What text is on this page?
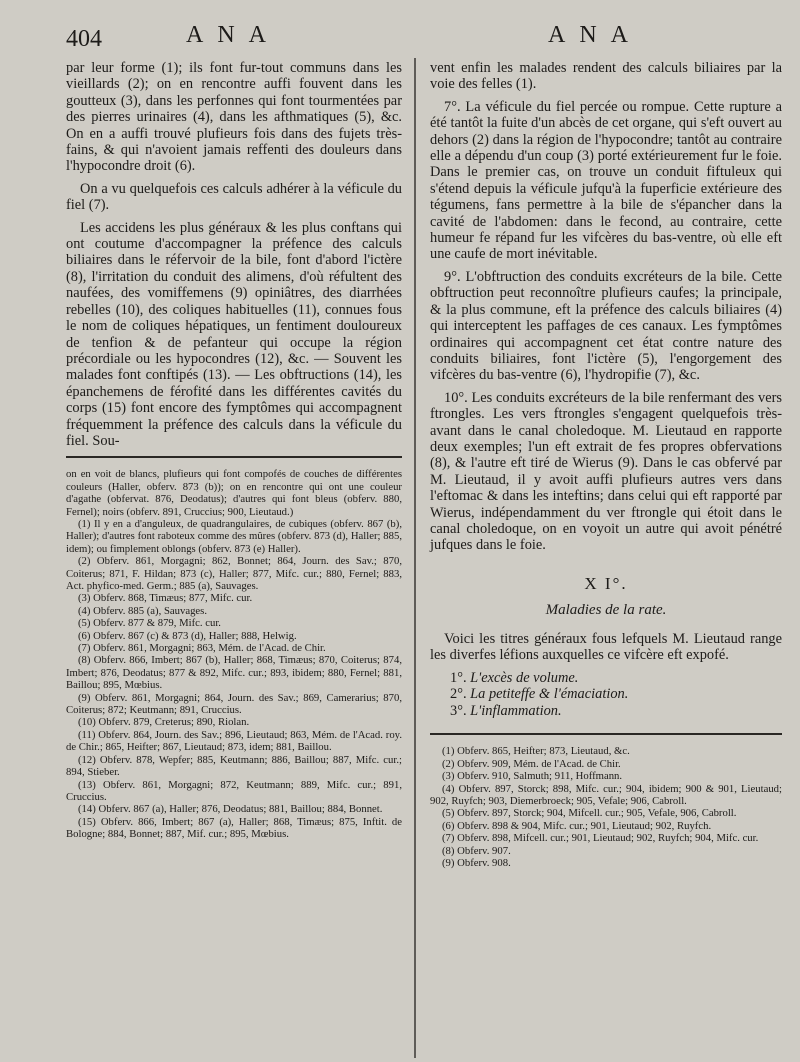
404	ANA	ANA

par leur forme (1); ils font fur-tout communs dans les vieillards (2); on en rencontre auffi fouvent dans les goutteux (3), dans les perfonnes qui font tourmentées par des pierres urinaires (4), dans les afthmatiques (5), &c. On en a auffi trouvé plufieurs fois dans des fujets très-fains, & qui n'avoient jamais reffenti des douleurs dans l'hypocondre droit (6).

On a vu quelquefois ces calculs adhérer à la véficule du fiel (7).

Les accidens les plus généraux & les plus conftans qui ont coutume d'accompagner la préfence des calculs biliaires dans le réfervoir de la bile, font d'abord l'ictère (8), l'irritation du conduit des alimens, d'où réfultent des naufées, des vomiffemens (9) opiniâtres, des diarrhées rebelles (10), des coliques habituelles (11), connues fous le nom de coliques hépatiques, un fentiment douloureux de tenfion & de pefanteur qui occupe la région précordiale ou les hypocondres (12), &c. — Souvent les malades font conftipés (13). — Les obftructions (14), les épanchemens de férofité dans les différentes cavités du corps (15) font encore des fymptômes qui accompagnent fréquemment la préfence des calculs dans la véficule du fiel. Sou-

on en voit de blancs, plufieurs qui font compofés de couches de différentes couleurs (Haller, obferv. 873 (b)); on en rencontre qui ont une couleur d'agathe (obfervat. 876, Deodatus); d'autres qui font bleus (obferv. 880, Fernel); noirs (obferv. 891, Cruccius; 900, Lieutaud.)

(1) Il y en a d'anguleux, de quadrangulaires, de cubiques (obferv. 867 (b), Haller); d'autres font raboteux comme des mûres (obferv. 873 (d), Haller; 885, idem); ou fimplement oblongs (obferv. 873 (e) Haller).

(2) Obferv. 861, Morgagni; 862, Bonnet; 864, Journ. des Sav.; 870, Coiterus; 871, F. Hildan; 873 (c), Haller; 877, Mifc. cur.; 880, Fernel; 883, Act. phyfico-med. Germ.; 885 (a), Sauvages.

(3) Obferv. 868, Timæus; 877, Mifc. cur.

(4) Obferv. 885 (a), Sauvages.

(5) Obferv. 877 & 879, Mifc. cur.

(6) Obferv. 867 (c) & 873 (d), Haller; 888, Helwig.

(7) Obferv. 861, Morgagni; 863, Mém. de l'Acad. de Chir.

(8) Obferv. 866, Imbert; 867 (b), Haller; 868, Timæus; 870, Coiterus; 874, Imbert; 876, Deodatus; 877 & 892, Mifc. cur.; 893, ibidem; 880, Fernel; 881, Baillou; 895, Mœbius.

(9) Obferv. 861, Morgagni; 864, Journ. des Sav.; 869, Camerarius; 870, Coiterus; 872; Keutmann; 891, Cruccius.

(10) Obferv. 879, Creterus; 890, Riolan.

(11) Obferv. 864, Journ. des Sav.; 896, Lieutaud; 863, Mém. de l'Acad. roy. de Chir.; 865, Heifter; 867, Lieutaud; 873, idem; 881, Baillou.

(12) Obferv. 878, Wepfer; 885, Keutmann; 886, Baillou; 887, Mifc. cur.; 894, Stieber.

(13) Obferv. 861, Morgagni; 872, Keutmann; 889, Mifc. cur.; 891, Cruccius.

(14) Obferv. 867 (a), Haller; 876, Deodatus; 881, Baillou; 884, Bonnet.

(15) Obferv. 866, Imbert; 867 (a), Haller; 868, Timæus; 875, Inftit. de Bologne; 884, Bonnet; 887, Mif. cur.; 895, Mœbius.

vent enfin les malades rendent des calculs biliaires par la voie des felles (1).

7°. La véficule du fiel percée ou rompue. Cette rupture a été tantôt la fuite d'un abcès de cet organe, qui s'eft ouvert au dehors (2) dans la région de l'hypocondre; tantôt au contraire elle a dépendu d'un coup (3) porté extérieurement fur le foie. Dans le premier cas, on trouve un conduit fiftuleux qui s'étend depuis la véficule jufqu'à la fuperficie extérieure des tégumens, fans permettre à la bile de s'épancher dans la cavité de l'abdomen: dans le fecond, au contraire, cette humeur fe répand fur les vifcères du bas-ventre, où elle eft une caufe de mort inévitable.

9°. L'obftruction des conduits excréteurs de la bile. Cette obftruction peut reconnoître plufieurs caufes; la principale, & la plus commune, eft la préfence des calculs biliaires (4) qui interceptent les paffages de ces canaux. Les fymptômes ordinaires qui accompagnent cet état contre nature des conduits biliaires, font l'ictère (5), l'engorgement des vifcères du bas-ventre (6), l'hydropifie (7), &c.

10°. Les conduits excréteurs de la bile renfermant des vers ftrongles. Les vers ftrongles s'engagent quelquefois très-avant dans le canal choledoque. M. Lieutaud en rapporte deux exemples; l'un eft extrait de fes propres obfervations (8), & l'autre eft tiré de Wierus (9). Dans le cas obfervé par M. Lieutaud, il y avoit auffi plufieurs autres vers dans l'eftomac & dans les inteftins; dans celui qui eft rapporté par Wierus, indépendamment du ver ftrongle qui étoit dans le canal choledoque, on en voyoit un autre qui avoit pénétré jufques dans le foie.

X I°.
Maladies de la rate.

Voici les titres généraux fous lefquels M. Lieutaud range les diverfes léfions auxquelles ce vifcère eft expofé.

1°. L'excès de volume.
2°. La petiteffe & l'émaciation.
3°. L'inflammation.

(1) Obferv. 865, Heifter; 873, Lieutaud, &c.

(2) Obferv. 909, Mém. de l'Acad. de Chir.

(3) Obferv. 910, Salmuth; 911, Hoffmann.

(4) Obferv. 897, Storck; 898, Mifc. cur.; 904, ibidem; 900 & 901, Lieutaud; 902, Ruyfch; 903, Diemerbroeck; 905, Vefale; 906, Cabroll.

(5) Obferv. 897, Storck; 904, Mifcell. cur.; 905, Vefale, 906, Cabroll.

(6) Obferv. 898 & 904, Mifc. cur.; 901, Lieutaud; 902, Ruyfch.

(7) Obferv. 898, Mifcell. cur.; 901, Lieutaud; 902, Ruyfch; 904, Mifc. cur.

(8) Obferv. 907.

(9) Obferv. 908.
